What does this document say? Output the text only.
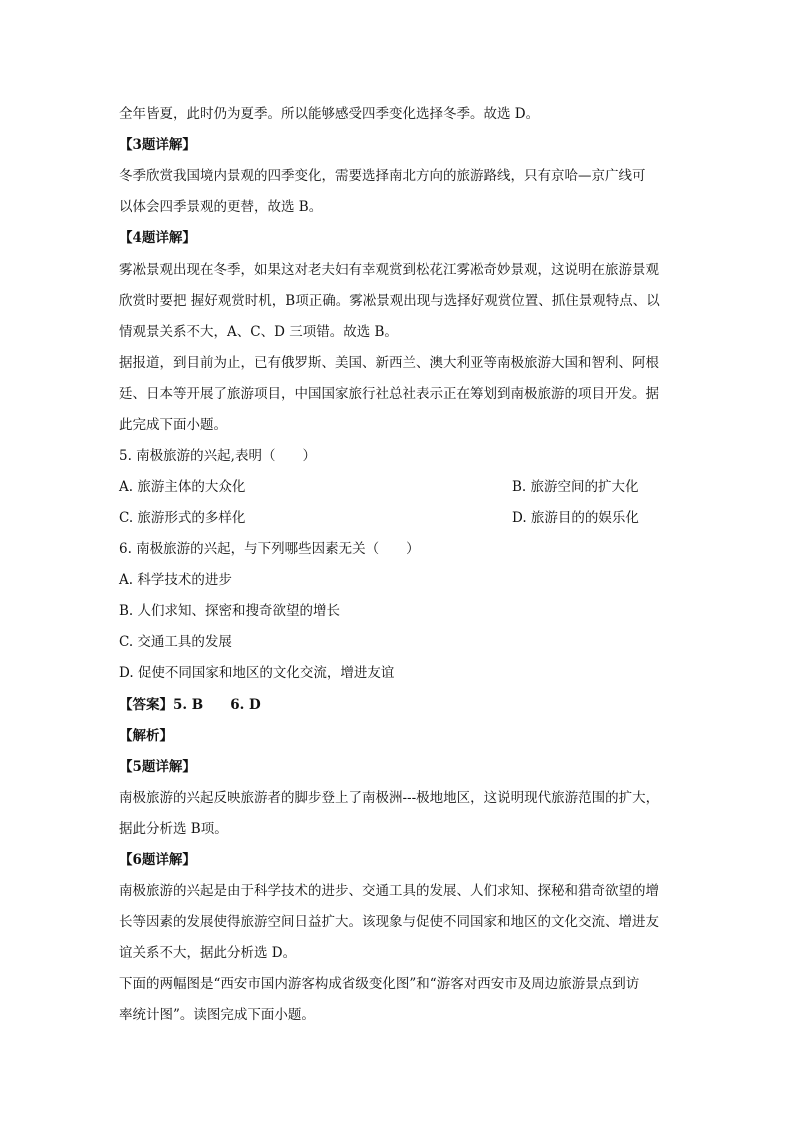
全年皆夏，此时仍为夏季。所以能够感受四季变化选择冬季。故选 D。
【3题详解】
冬季欣赏我国境内景观的四季变化，需要选择南北方向的旅游路线，只有京哈—京广线可
以体会四季景观的更替，故选 B。
【4题详解】
雾凇景观出现在冬季，如果这对老夫妇有幸观赏到松花江雾凇奇妙景观，这说明在旅游景观
欣赏时要把 握好观赏时机，B项正确。雾凇景观出现与选择好观赏位置、抓住景观特点、以
情观景关系不大，A、C、D 三项错。故选 B。
据报道，到目前为止，已有俄罗斯、美国、新西兰、澳大利亚等南极旅游大国和智利、阿根
廷、日本等开展了旅游项目，中国国家旅行社总社表示正在筹划到南极旅游的项目开发。据
此完成下面小题。
5. 南极旅游的兴起,表明（　　）
A. 旅游主体的大众化	B. 旅游空间的扩大化
C. 旅游形式的多样化	D. 旅游目的的娱乐化
6. 南极旅游的兴起，与下列哪些因素无关（　　）
A. 科学技术的进步
B. 人们求知、探密和搜奇欲望的增长
C. 交通工具的发展
D. 促使不同国家和地区的文化交流，增进友谊
【答案】5. B　　6. D
【解析】
【5题详解】
南极旅游的兴起反映旅游者的脚步登上了南极洲---极地地区，这说明现代旅游范围的扩大，
据此分析选 B项。
【6题详解】
南极旅游的兴起是由于科学技术的进步、交通工具的发展、人们求知、探秘和猎奇欲望的增
长等因素的发展使得旅游空间日益扩大。该现象与促使不同国家和地区的文化交流、增进友
谊关系不大，据此分析选 D。
下面的两幅图是“西安市国内游客构成省级变化图”和“游客对西安市及周边旅游景点到访
率统计图”。读图完成下面小题。
